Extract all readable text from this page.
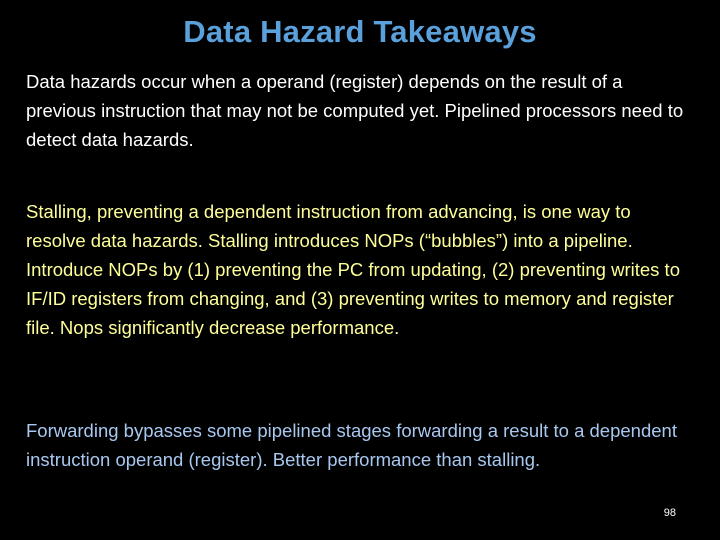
Data Hazard Takeaways

Data hazards occur when a operand (register) depends on the result of a previous instruction that may not be computed yet. Pipelined processors need to detect data hazards.

Stalling, preventing a dependent instruction from advancing, is one way to resolve data hazards. Stalling introduces NOPs (“bubbles”) into a pipeline. Introduce NOPs by (1) preventing the PC from updating, (2) preventing writes to IF/ID registers from changing, and (3) preventing writes to memory and register file. Nops significantly decrease performance.

Forwarding bypasses some pipelined stages forwarding a result to a dependent instruction operand (register). Better performance than stalling.

98
